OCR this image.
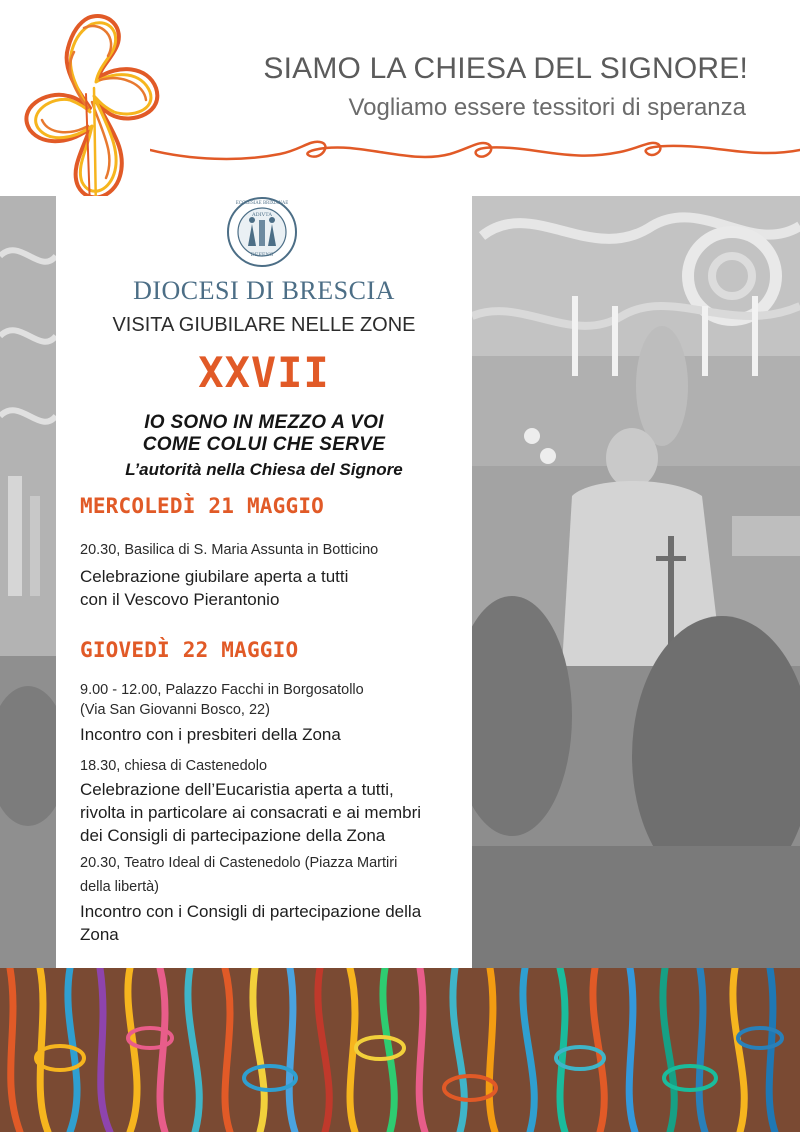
SIAMO LA CHIESA DEL SIGNORE!
Vogliamo essere tessitori di speranza
ADIVTA
DEFENS
ECCLESIAE BRIXIANAE
DIOCESI DI BRESCIA
VISITA GIUBILARE NELLE ZONE
XXVII
IO SONO IN MEZZO A VOI
COME COLUI CHE SERVE
L’autorità nella Chiesa del Signore
MERCOLEDÌ 21 MAGGIO
20.30, Basilica di S. Maria Assunta in Botticino
Celebrazione giubilare aperta a tutti
con il Vescovo Pierantonio
GIOVEDÌ 22 MAGGIO
9.00 - 12.00, Palazzo Facchi in Borgosatollo
(Via San Giovanni Bosco, 22)
Incontro con i presbiteri della Zona
18.30, chiesa di Castenedolo
Celebrazione dell’Eucaristia aperta a tutti,
rivolta in particolare ai consacrati e ai membri
dei Consigli di partecipazione della Zona
20.30, Teatro Ideal di Castenedolo (Piazza Martiri
della libertà)
Incontro con i Consigli di partecipazione della
Zona
